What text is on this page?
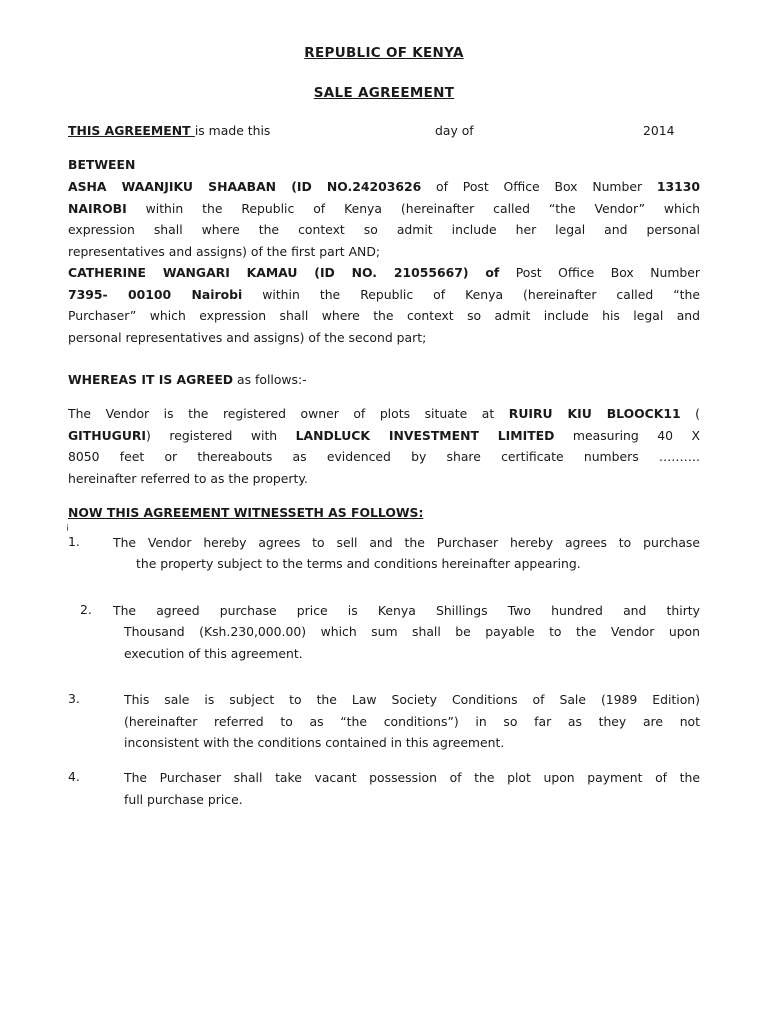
REPUBLIC OF KENYA
SALE AGREEMENT
THIS AGREEMENT is made this	day of	2014
BETWEEN
ASHA WAANJIKU SHAABAN (ID NO.24203626 of Post Office Box Number 13130
NAIROBI within the Republic of Kenya (hereinafter called “the Vendor” which
expression shall where the context so admit include her legal and personal
representatives and assigns) of the first part AND;
CATHERINE WANGARI KAMAU (ID NO. 21055667) of Post Office Box Number
7395- 00100 Nairobi within the Republic of Kenya (hereinafter called “the
Purchaser” which expression shall where the context so admit include his legal and
personal representatives and assigns) of the second part;
WHEREAS IT IS AGREED as follows:-
The Vendor is the registered owner of plots situate at RUIRU KIU BLOOCK11 (
GITHUGURI) registered with LANDLUCK INVESTMENT LIMITED measuring 40 X
8050 feet or thereabouts as evidenced by share certificate numbers ……….
hereinafter referred to as the property.
NOW THIS AGREEMENT WITNESSETH AS FOLLOWS:
¡
1.	The Vendor hereby agrees to sell and the Purchaser hereby agrees to purchase
the property subject to the terms and conditions hereinafter appearing.
2. The agreed purchase price is Kenya Shillings Two hundred and thirty
Thousand (Ksh.230,000.00) which sum shall be payable to the Vendor upon
execution of this agreement.
3.	This sale is subject to the Law Society Conditions of Sale (1989 Edition)
(hereinafter referred to as “the conditions”) in so far as they are not
inconsistent with the conditions contained in this agreement.
4.	The Purchaser shall take vacant possession of the plot upon payment of the
full purchase price.
